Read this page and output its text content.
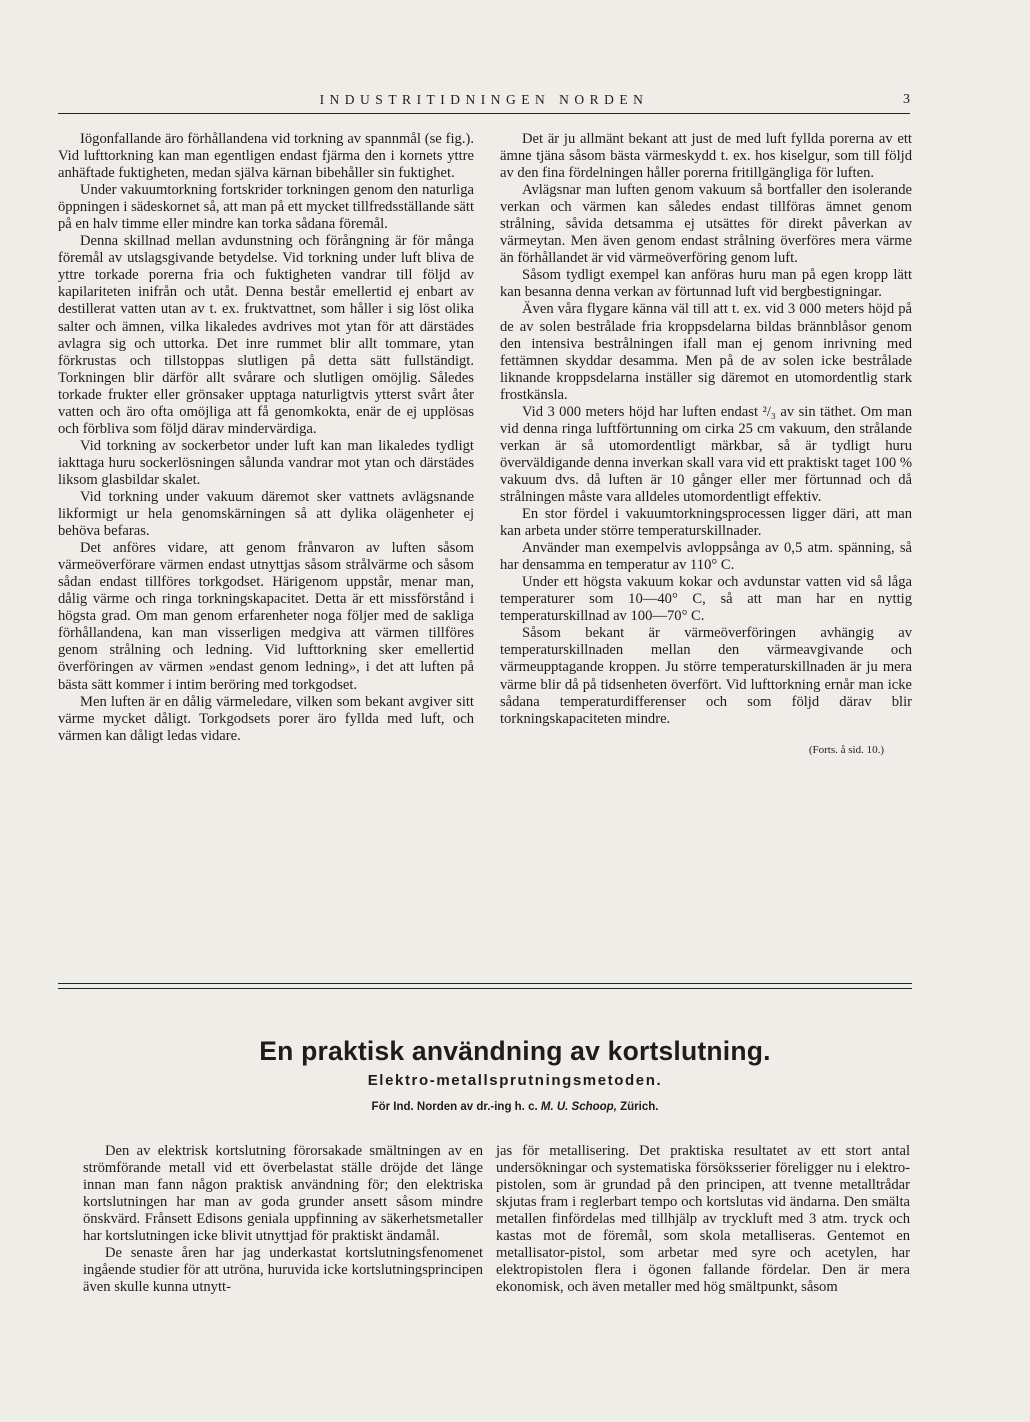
INDUSTRITIDNINGEN NORDEN	3

Iögonfallande äro förhållandena vid torkning av spannmål (se fig.). Vid lufttorkning kan man egentligen endast fjärma den i kornets yttre anhäftade fuktigheten, medan själva kärnan bibehåller sin fuktighet.

Under vakuumtorkning fortskrider torkningen genom den naturliga öppningen i sädeskornet så, att man på ett mycket tillfredsställande sätt på en halv timme eller mindre kan torka sådana föremål.

Denna skillnad mellan avdunstning och förångning är för många föremål av utslagsgivande betydelse. Vid torkning under luft bliva de yttre torkade porerna fria och fuktigheten vandrar till följd av kapilariteten inifrån och utåt. Denna består emellertid ej enbart av destillerat vatten utan av t. ex. fruktvattnet, som håller i sig löst olika salter och ämnen, vilka likaledes avdrives mot ytan för att därstädes avlagra sig och uttorka. Det inre rummet blir allt tommare, ytan förkrustas och tillstoppas slutligen på detta sätt fullständigt. Torkningen blir därför allt svårare och slutligen omöjlig. Således torkade frukter eller grönsaker upptaga naturligtvis ytterst svårt åter vatten och äro ofta omöjliga att få genomkokta, enär de ej upplösas och förbliva som följd därav mindervärdiga.

Vid torkning av sockerbetor under luft kan man likaledes tydligt iakttaga huru sockerlösningen sålunda vandrar mot ytan och därstädes liksom glasbildar skalet.

Vid torkning under vakuum däremot sker vattnets avlägsnande likformigt ur hela genomskärningen så att dylika olägenheter ej behöva befaras.

Det anföres vidare, att genom frånvaron av luften såsom värmeöverförare värmen endast utnyttjas såsom strålvärme och såsom sådan endast tillföres torkgodset. Härigenom uppstår, menar man, dålig värme och ringa torkningskapacitet. Detta är ett missförstånd i högsta grad. Om man genom erfarenheter noga följer med de sakliga förhållandena, kan man visserligen medgiva att värmen tillföres genom strålning och ledning. Vid lufttorkning sker emellertid överföringen av värmen »endast genom ledning», i det att luften på bästa sätt kommer i intim beröring med torkgodset.

Men luften är en dålig värmeledare, vilken som bekant avgiver sitt värme mycket dåligt. Torkgodsets porer äro fyllda med luft, och värmen kan dåligt ledas vidare.

Det är ju allmänt bekant att just de med luft fyllda porerna av ett ämne tjäna såsom bästa värmeskydd t. ex. hos kiselgur, som till följd av den fina fördelningen håller porerna fritillgängliga för luften.

Avlägsnar man luften genom vakuum så bortfaller den isolerande verkan och värmen kan således endast tillföras ämnet genom strålning, såvida detsamma ej utsättes för direkt påverkan av värmeytan. Men även genom endast strålning överföres mera värme än förhållandet är vid värmeöverföring genom luft.

Såsom tydligt exempel kan anföras huru man på egen kropp lätt kan besanna denna verkan av förtunnad luft vid bergbestigningar.

Även våra flygare känna väl till att t. ex. vid 3 000 meters höjd på de av solen bestrålade fria kroppsdelarna bildas brännblåsor genom den intensiva bestrålningen ifall man ej genom inrivning med fettämnen skyddar desamma. Men på de av solen icke bestrålade liknande kroppsdelarna inställer sig däremot en utomordentlig stark frostkänsla.

Vid 3 000 meters höjd har luften endast ²/₃ av sin täthet. Om man vid denna ringa luftförtunning om cirka 25 cm vakuum, den strålande verkan är så utomordentligt märkbar, så är tydligt huru överväldigande denna inverkan skall vara vid ett praktiskt taget 100 % vakuum dvs. då luften är 10 gånger eller mer förtunnad och då strålningen måste vara alldeles utomordentligt effektiv.

En stor fördel i vakuumtorkningsprocessen ligger däri, att man kan arbeta under större temperaturskillnader.

Använder man exempelvis avloppsånga av 0,5 atm. spänning, så har densamma en temperatur av 110° C.

Under ett högsta vakuum kokar och avdunstar vatten vid så låga temperaturer som 10—40° C, så att man har en nyttig temperaturskillnad av 100—70° C.

Såsom bekant är värmeöverföringen avhängig av temperaturskillnaden mellan den värmeavgivande och värmeupptagande kroppen. Ju större temperaturskillnaden är ju mera värme blir då på tidsenheten överfört. Vid lufttorkning ernår man icke sådana temperaturdifferenser och som följd därav blir torkningskapaciteten mindre.

(Forts. å sid. 10.)
En praktisk användning av kortslutning.
Elektro-metallsprutningsmetoden.
För Ind. Norden av dr.-ing h. c. M. U. Schoop, Zürich.

Den av elektrisk kortslutning förorsakade smältningen av en strömförande metall vid ett överbelastat ställe dröjde det länge innan man fann någon praktisk användning för; den elektriska kortslutningen har man av goda grunder ansett såsom mindre önskvärd. Frånsett Edisons geniala uppfinning av säkerhetsmetaller har kortslutningen icke blivit utnyttjad för praktiskt ändamål.

De senaste åren har jag underkastat kortslutningsfenomenet ingående studier för att utröna, huruvida icke kortslutningsprincipen även skulle kunna utnytt-

jas för metallisering. Det praktiska resultatet av ett stort antal undersökningar och systematiska försöksserier föreligger nu i elektro-pistolen, som är grundad på den principen, att tvenne metalltrådar skjutas fram i reglerbart tempo och kortslutas vid ändarna. Den smälta metallen finfördelas med tillhjälp av tryckluft med 3 atm. tryck och kastas mot de föremål, som skola metalliseras. Gentemot en metallisator-pistol, som arbetar med syre och acetylen, har elektropistolen flera i ögonen fallande fördelar. Den är mera ekonomisk, och även metaller med hög smältpunkt, såsom
